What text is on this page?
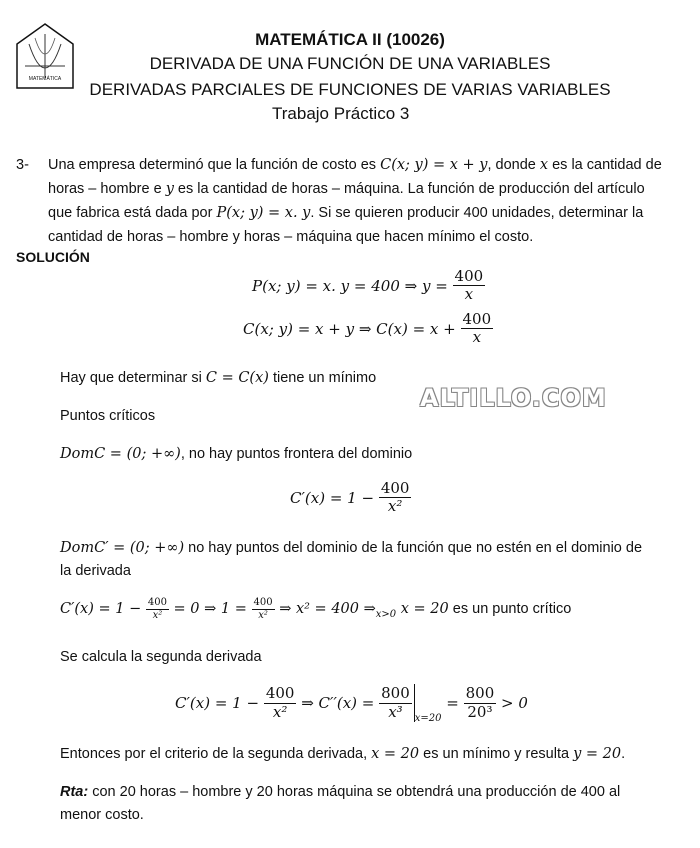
MATEMÁTICA
MATEMÁTICA II (10026)
DERIVADA DE UNA FUNCIÓN DE UNA VARIABLES
DERIVADAS PARCIALES DE FUNCIONES DE VARIAS VARIABLES
Trabajo Práctico 3
3- Una empresa determinó que la función de costo es C(x; y) = x + y, donde x es la cantidad de
horas – hombre e y es la cantidad de horas – máquina. La función de producción del artículo
que fabrica está dada por P(x; y) = x. y. Si se quieren producir 400 unidades, determinar la
cantidad de horas – hombre y horas – máquina que hacen mínimo el costo.
SOLUCIÓN
P(x; y) = x. y = 400 ⇒ $y = \frac{400}{x}$
C(x; y) = x + y ⇒ $C(x) = x + \frac{400}{x}$
Hay que determinar si C = C(x) tiene un mínimo
ALTILLO.COM
Puntos críticos
DomC = (0; +∞), no hay puntos frontera del dominio
$C'(x) = 1 - \frac{400}{\text{x²}}$
DomC′ = (0; +∞) no hay puntos del dominio de la función que no estén en el dominio de
la derivada
$C'(x) = 1 - \frac{400}{\text{x²}} = 0$ ⇒ $1 = \frac{400}{\text{x²}}$ ⇒ x² = 400 $\Rightarrow_{x>0}$ x = 20 es un punto crítico
Se calcula la segunda derivada
$C'(x) = 1 - \frac{400}{\text{x²}}$ ⇒ $C''(x) = \frac{800}{\text{x³}} _{x=20} = \frac{800}{\text{20³}} > 0$
Entonces por el criterio de la segunda derivada, x = 20 es un mínimo y resulta y = 20.
Rta: con 20 horas – hombre y 20 horas máquina se obtendrá una producción de 400 al
menor costo.
